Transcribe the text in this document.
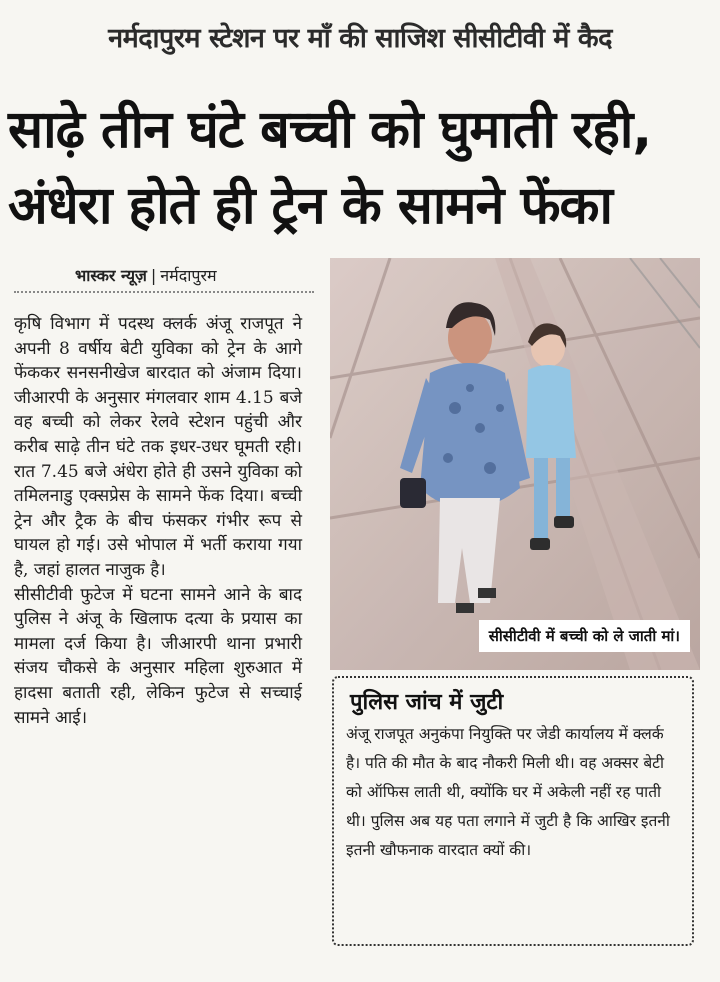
नर्मदापुरम स्टेशन पर माँ की साजिश सीसीटीवी में कैद
साढ़े तीन घंटे बच्ची को घुमाती रही,
अंधेरा होते ही ट्रेन के सामने फेंका
भास्कर न्यूज़ | नर्मदापुरम

कृषि विभाग में पदस्थ क्लर्क अंजू राजपूत ने अपनी 8 वर्षीय बेटी युविका को ट्रेन के आगे फेंककर सनसनीखेज बारदात को अंजाम दिया। जीआरपी के अनुसार मंगलवार शाम 4.15 बजे वह बच्ची को लेकर रेलवे स्टेशन पहुंची और करीब साढ़े तीन घंटे तक इधर-उधर घूमती रही। रात 7.45 बजे अंधेरा होते ही उसने युविका को तमिलनाडु एक्सप्रेस के सामने फेंक दिया। बच्ची ट्रेन और ट्रैक के बीच फंसकर गंभीर रूप से घायल हो गई। उसे भोपाल में भर्ती कराया गया है, जहां हालत नाजुक है।

सीसीटीवी फुटेज में घटना सामने आने के बाद पुलिस ने अंजू के खिलाफ दत्या के प्रयास का मामला दर्ज किया है। जीआरपी थाना प्रभारी संजय चौकसे के अनुसार महिला शुरुआत में हादसा बताती रही, लेकिन फुटेज से सच्चाई सामने आई।

सीसीटीवी में बच्ची को ले जाती मां।
पुलिस जांच में जुटी

अंजू राजपूत अनुकंपा नियुक्ति पर जेडी कार्यालय में क्लर्क है। पति की मौत के बाद नौकरी मिली थी। वह अक्सर बेटी को ऑफिस लाती थी, क्योंकि घर में अकेली नहीं रह पाती थी। पुलिस अब यह पता लगाने में जुटी है कि आखिर इतनी इतनी खौफनाक वारदात क्यों की।
